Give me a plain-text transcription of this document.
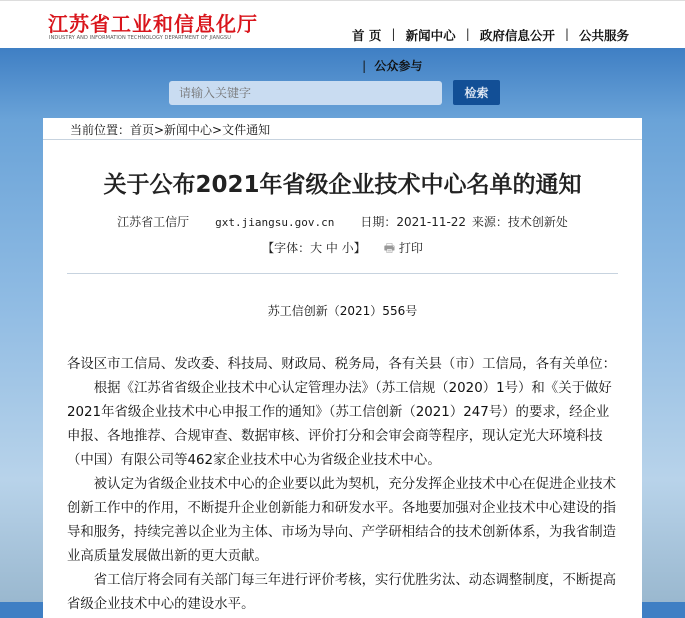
江苏省工业和信息化厅
INDUSTRY AND INFORMATION TECHNOLOGY DEPARTMENT OF JIANGSU	首 页 | 新闻中心 | 政府信息公开 | 公共服务
| 公众参与
请输入关键字
检索
当前位置：首页>新闻中心>文件通知
关于公布2021年省级企业技术中心名单的通知
江苏省工信厅 gxt.jiangsu.gov.cn 日期：2021-11-22 来源：技术创新处
【字体：大 中 小】 🖶 打印
苏工信创新（2021）556号

各设区市工信局、发改委、科技局、财政局、税务局，各有关县（市）工信局，各有关单位：

根据《江苏省省级企业技术中心认定管理办法》（苏工信规（2020）1号）和《关于做好2021年省级企业技术中心申报工作的通知》（苏工信创新（2021）247号）的要求，经企业申报、各地推荐、合规审查、数据审核、评价打分和会审会商等程序，现认定光大环境科技（中国）有限公司等462家企业技术中心为省级企业技术中心。

被认定为省级企业技术中心的企业要以此为契机，充分发挥企业技术中心在促进企业技术创新工作中的作用，不断提升企业创新能力和研发水平。各地要加强对企业技术中心建设的指导和服务，持续完善以企业为主体、市场为导向、产学研相结合的技术创新体系，为我省制造业高质量发展做出新的更大贡献。

省工信厅将会同有关部门每三年进行评价考核，实行优胜劣汰、动态调整制度，不断提高省级企业技术中心的建设水平。
